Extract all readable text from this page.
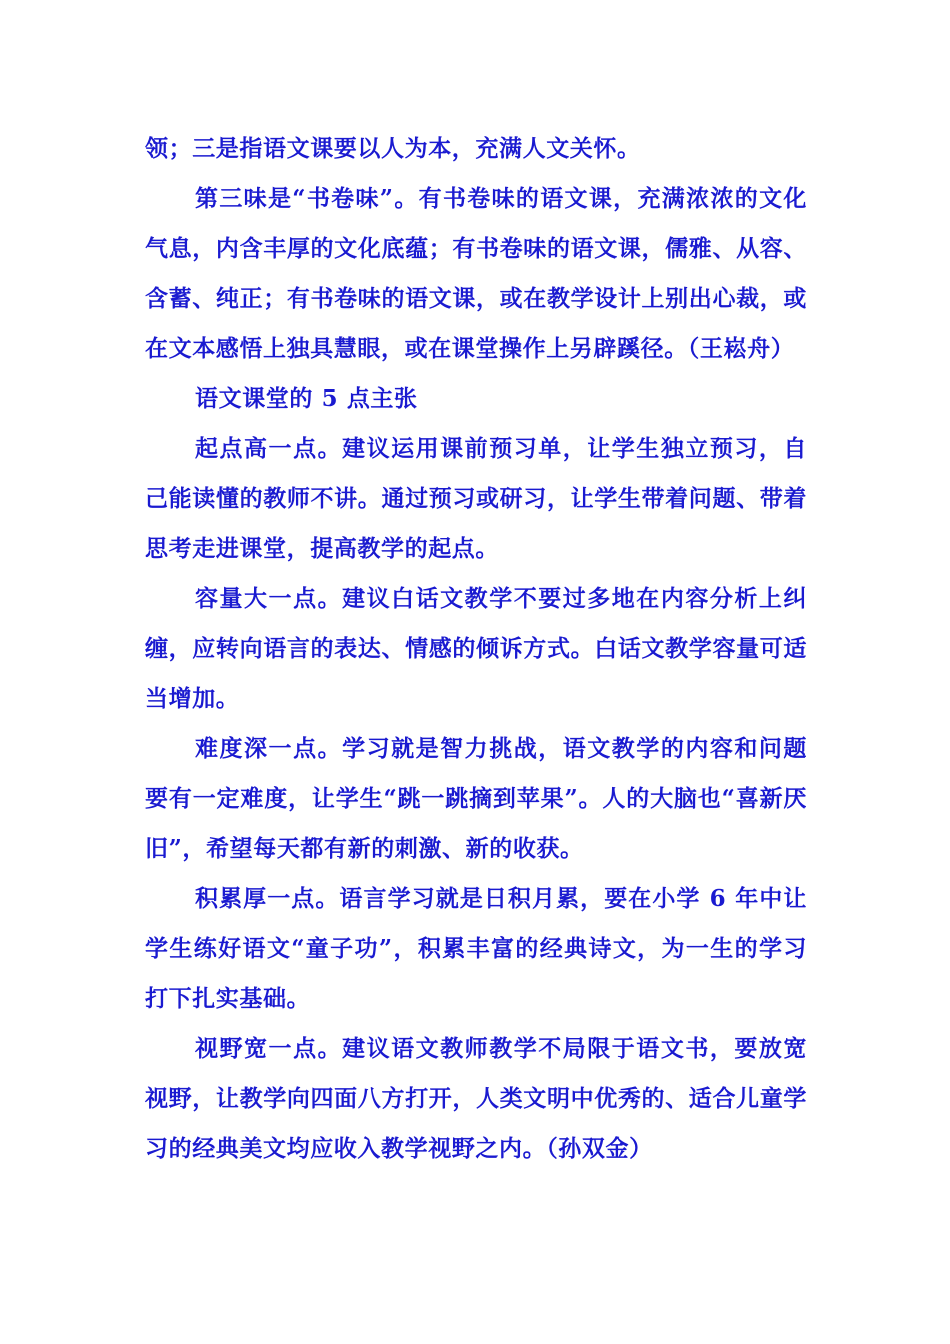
领；三是指语文课要以人为本，充满人文关怀。

第三味是“书卷味”。有书卷味的语文课，充满浓浓的文化气息，内含丰厚的文化底蕴；有书卷味的语文课，儒雅、从容、含蓄、纯正；有书卷味的语文课，或在教学设计上别出心裁，或在文本感悟上独具慧眼，或在课堂操作上另辟蹊径。（王崧舟）

语文课堂的 5 点主张

起点高一点。建议运用课前预习单，让学生独立预习，自己能读懂的教师不讲。通过预习或研习，让学生带着问题、带着思考走进课堂，提高教学的起点。

容量大一点。建议白话文教学不要过多地在内容分析上纠缠，应转向语言的表达、情感的倾诉方式。白话文教学容量可适当增加。

难度深一点。学习就是智力挑战，语文教学的内容和问题要有一定难度，让学生“跳一跳摘到苹果”。人的大脑也“喜新厌旧”，希望每天都有新的刺激、新的收获。

积累厚一点。语言学习就是日积月累，要在小学 6 年中让学生练好语文“童子功”，积累丰富的经典诗文，为一生的学习打下扎实基础。

视野宽一点。建议语文教师教学不局限于语文书，要放宽视野，让教学向四面八方打开，人类文明中优秀的、适合儿童学习的经典美文均应收入教学视野之内。（孙双金）
